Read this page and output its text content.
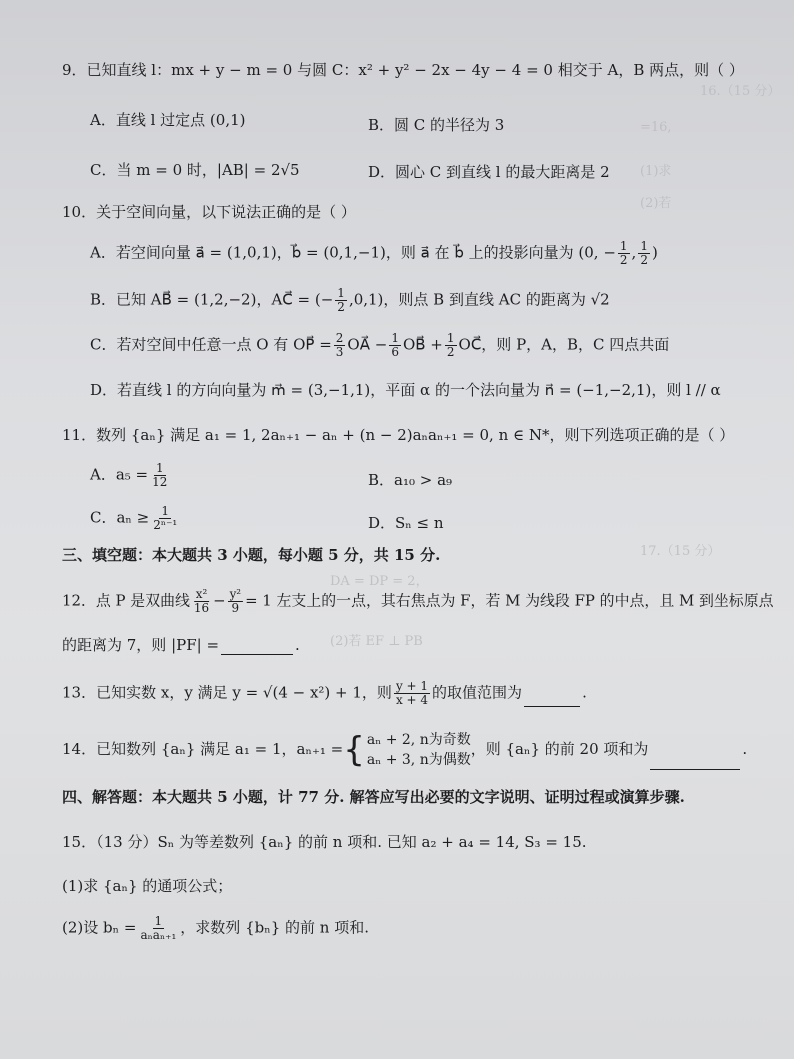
16.（15 分）
=16,
(1)求
(2)若
17.（15 分）
DA = DP = 2，
(2)若 EF ⊥ PB
9．已知直线 l：mx + y − m = 0 与圆 C：x² + y² − 2x − 4y − 4 = 0 相交于 A，B 两点，则（ ）
A．直线 l 过定点 (0,1)	B．圆 C 的半径为 3
C．当 m = 0 时，|AB| = 2√5	D．圆心 C 到直线 l 的最大距离是 2
10．关于空间向量，以下说法正确的是（ ）
A．若空间向量 a⃗ = (1,0,1)，b⃗ = (0,1,−1)，则 a⃗ 在 b⃗ 上的投影向量为 (0, − $\frac{1}{2}$ , $\frac{1}{2}$ )
B．已知 AB⃗ = (1,2,−2)，AC⃗ = (− $\frac{1}{2} ,0,1$)，则点 B 到直线 AC 的距离为 √2
C．若对空间中任意一点 O 有 OP⃗ = $\frac{2}{3}$ OA⃗ − $\frac{1}{6}$ OB⃗ + $\frac{1}{2}$ OC⃗，则 P，A，B，C 四点共面
D．若直线 l 的方向向量为 m⃗ = (3,−1,1)，平面 α 的一个法向量为 n⃗ = (−1,−2,1)，则 l // α
11．数列 {aₙ} 满足 a₁ = 1, 2aₙ₊₁ − aₙ + (n − 2)aₙaₙ₊₁ = 0, n ∈ N*，则下列选项正确的是（ ）
A．$a_5 = \frac{1}{12}$	B．a₁₀ > a₉
C．$a_n \ge \frac{1}{\text{2ⁿ⁻¹}}$	D．Sₙ ≤ n
三、填空题：本大题共 3 小题，每小题 5 分，共 15 分.
12．点 P 是双曲线 $\frac{\text{x²}}{16} - \frac{\text{y²}}{9} = 1$ 左支上的一点，其右焦点为 F，若 M 为线段 FP 的中点，且 M 到坐标原点
的距离为 7，则 |PF| =	.
13．已知实数 x，y 满足 y = √(4 − x²) + 1，则 $\frac{y + 1}{x + 4}$ 的取值范围为	.
14．已知数列 {aₙ} 满足 a₁ = 1，aₙ₊₁ = { aₙ + 2, n为奇数
aₙ + 3, n为偶数
，则 {aₙ} 的前 20 项和为	.
四、解答题：本大题共 5 小题，计 77 分. 解答应写出必要的文字说明、证明过程或演算步骤.
15．（13 分）Sₙ 为等差数列 {aₙ} 的前 n 项和. 已知 a₂ + a₄ = 14, S₃ = 15.
(1)求 {aₙ} 的通项公式；
(2)设 $b_n = \frac{1}{\text{aₙaₙ₊₁}}$ ，求数列 {bₙ} 的前 n 项和.
